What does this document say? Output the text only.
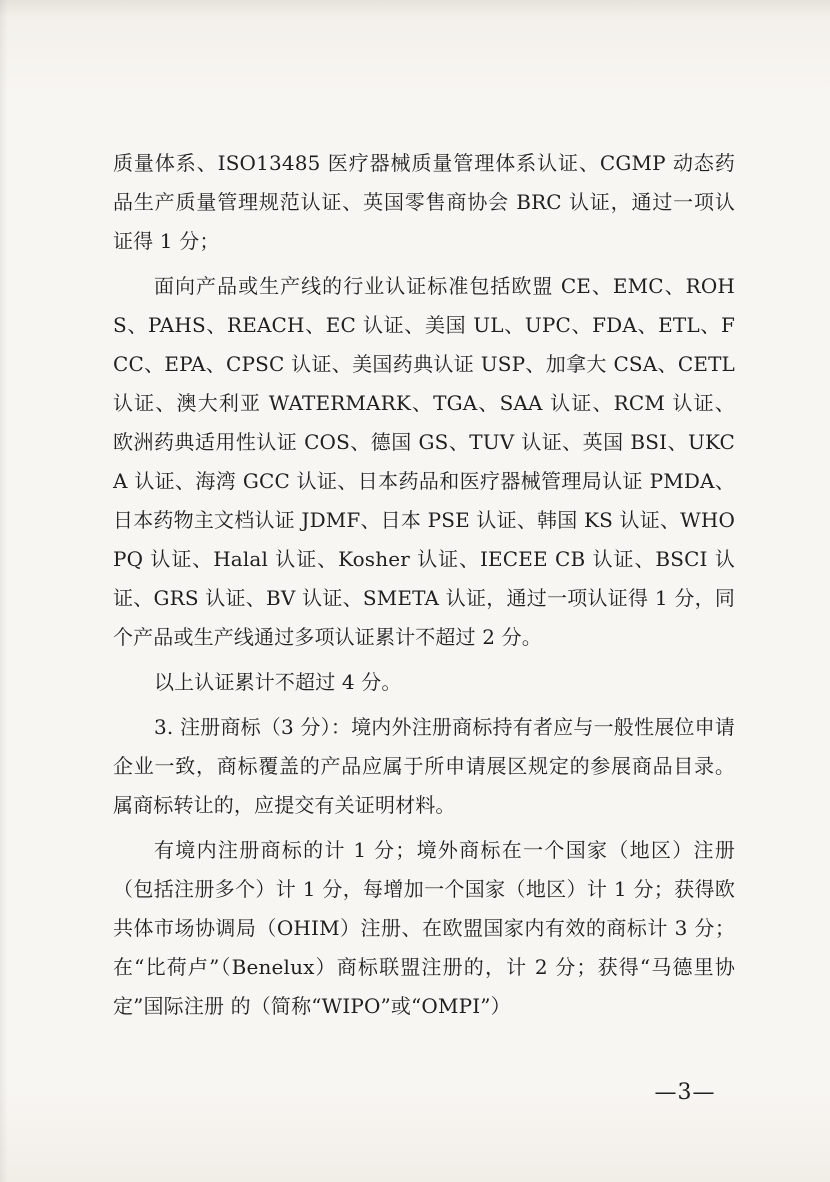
质量体系、ISO13485 医疗器械质量管理体系认证、CGMP 动态药品生产质量管理规范认证、英国零售商协会 BRC 认证，通过一项认证得 1 分；

面向产品或生产线的行业认证标准包括欧盟 CE、EMC、ROHS、PAHS、REACH、EC 认证、美国 UL、UPC、FDA、ETL、FCC、EPA、CPSC 认证、美国药典认证 USP、加拿大 CSA、CETL 认证、澳大利亚 WATERMARK、TGA、SAA 认证、RCM 认证、欧洲药典适用性认证 COS、德国 GS、TUV 认证、英国 BSI、UKCA 认证、海湾 GCC 认证、日本药品和医疗器械管理局认证 PMDA、日本药物主文档认证 JDMF、日本 PSE 认证、韩国 KS 认证、WHO PQ 认证、Halal 认证、Kosher 认证、IECEE CB 认证、BSCI 认证、GRS 认证、BV 认证、SMETA 认证，通过一项认证得 1 分，同个产品或生产线通过多项认证累计不超过 2 分。

以上认证累计不超过 4 分。

3. 注册商标（3 分）：境内外注册商标持有者应与一般性展位申请企业一致，商标覆盖的产品应属于所申请展区规定的参展商品目录。属商标转让的，应提交有关证明材料。

有境内注册商标的计 1 分；境外商标在一个国家（地区）注册（包括注册多个）计 1 分，每增加一个国家（地区）计 1 分；获得欧共体市场协调局（OHIM）注册、在欧盟国家内有效的商标计 3 分；在“比荷卢”（Benelux）商标联盟注册的，计 2 分；获得“马德里协定”国际注册 的（简称“WIPO”或“OMPI”）

—3—
